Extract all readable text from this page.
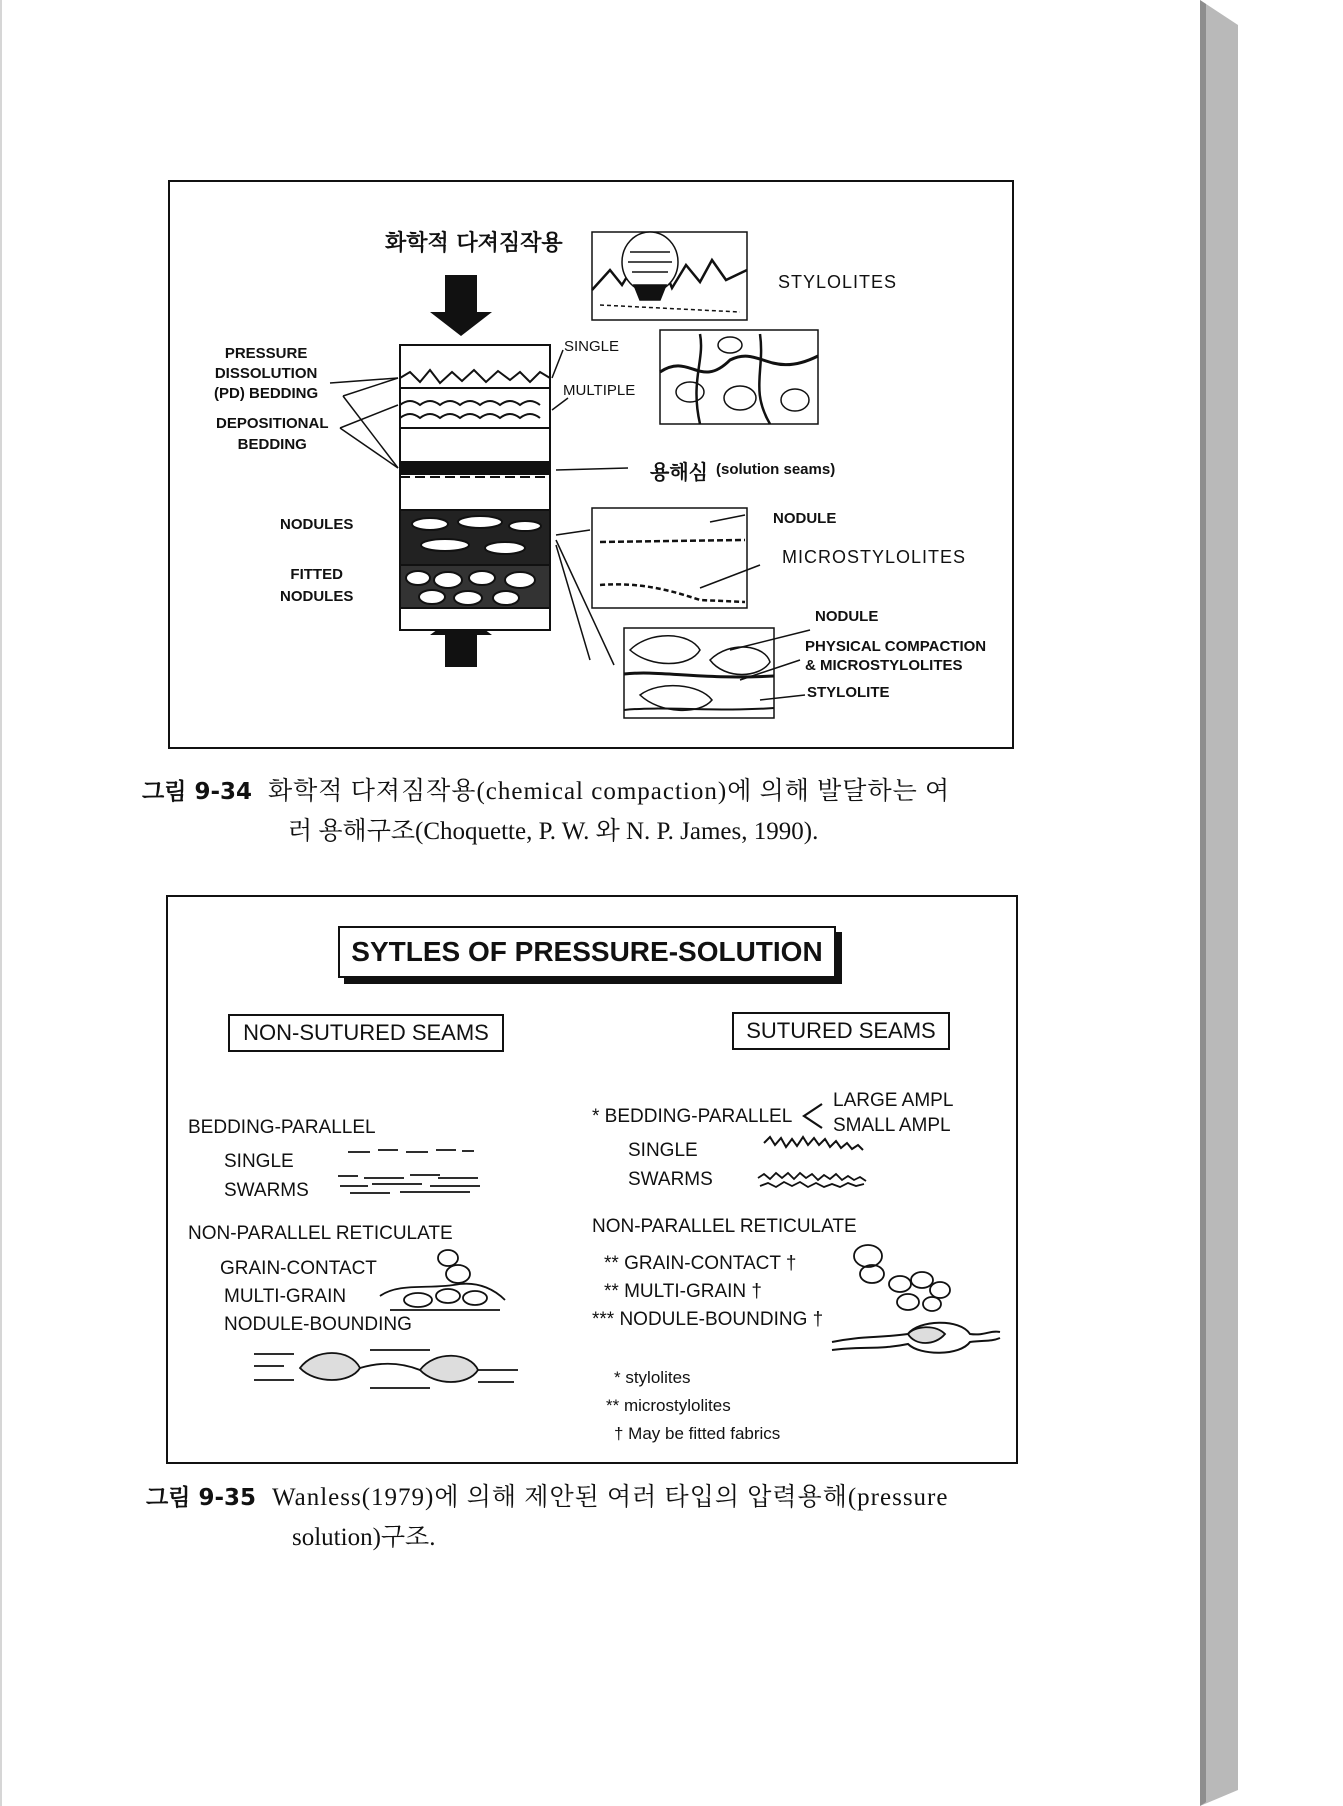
화학적 다져짐작용
PRESSURE
DISSOLUTION
(PD) BEDDING
DEPOSITIONAL
BEDDING
NODULES
FITTED
NODULES
SINGLE
MULTIPLE
STYLOLITES
용해심 (solution seams)
NODULE
MICROSTYLOLITES
NODULE
PHYSICAL COMPACTION
& MICROSTYLOLITES
STYLOLITE
그림 9-34 화학적 다져짐작용(chemical compaction)에 의해 발달하는 여
러 용해구조(Choquette, P. W. 와 N. P. James, 1990).
SYTLES OF PRESSURE-SOLUTION
NON-SUTURED SEAMS	SUTURED SEAMS
BEDDING-PARALLEL
SINGLE
SWARMS
NON-PARALLEL RETICULATE
GRAIN-CONTACT
MULTI-GRAIN
NODULE-BOUNDING
* BEDDING-PARALLEL
LARGE AMPL
SMALL AMPL
SINGLE
SWARMS
NON-PARALLEL RETICULATE
** GRAIN-CONTACT †
** MULTI-GRAIN †
*** NODULE-BOUNDING †
* stylolites
** microstylolites
† May be fitted fabrics
그림 9-35 Wanless(1979)에 의해 제안된 여러 타입의 압력용해(pressure
solution)구조.
